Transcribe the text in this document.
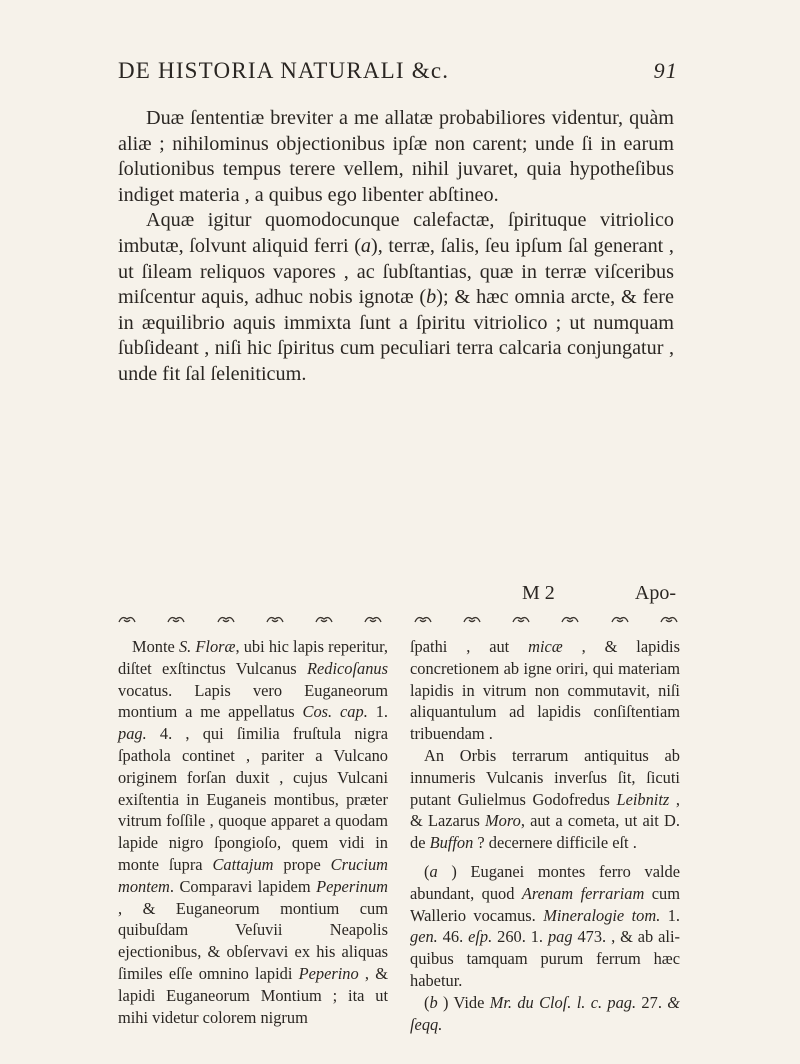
DE HISTORIA NATURALI &c.	91

Duæ ſententiæ breviter a me allatæ probabiliores videntur, quàm aliæ ; nihilominus objectionibus ipſæ non carent; unde ſi in earum ſolutionibus tempus terere vellem, nihil juvaret, quia hypotheſibus indiget materia , a quibus ego libenter abſtineo.

Aquæ igitur quomodocunque calefactæ, ſpirituque vitriolico imbutæ, ſolvunt aliquid ferri (a), terræ, ſalis, ſeu ipſum ſal generant , ut ſileam reliquos vapores , ac ſubſtantias, quæ in terræ viſceribus miſcentur aquis, adhuc nobis ignotæ (b); & hæc omnia arcte, & fere in æquilibrio aquis immixta ſunt a ſpiritu vitriolico ; ut numquam ſubſideant , niſi hic ſpiritus cum peculiari terra calcaria conjungatur , unde fit ſal ſeleniticum.

M 2	Apo-

Monte S. Floræ, ubi hic lapis reperitur, diſtet exſtinctus Vulcanus Redicoſanus vocatus. Lapis vero Euganeorum montium a me appellatus Cos. cap. 1. pag. 4. , qui ſimilia fruſtula nigra ſpathola continet , pariter a Vulcano originem forſan duxit , cujus Vulcani exiſtentia in Euganeis montibus, præter vitrum foſſile , quoque apparet a quodam lapide nigro ſpongioſo, quem vidi in monte ſupra Cattajum prope Crucium montem. Comparavi lapidem Peperinum , & Euganeorum montium cum quibuſdam Veſuvii Neapolis ejectionibus, & obſervavi ex his aliquas ſimiles eſſe omnino lapidi Peperino , & lapidi Euganeorum Montium ; ita ut mihi videtur colorem nigrum

ſpathi , aut micæ , & lapidis concretionem ab igne oriri, qui materiam lapidis in vitrum non commutavit, niſi aliquantulum ad lapidis conſiſtentiam tribuendam .

An Orbis terrarum antiquitus ab innumeris Vulcanis inverſus ſit, ſicuti putant Gulielmus Godofredus Leibnitz , & Lazarus Moro, aut a cometa, ut ait D. de Buffon ? decernere difficile eſt .

(a ) Euganei montes ferro valde abundant, quod Arenam ferrariam cum Wallerio vocamus. Mineralogie tom. 1. gen. 46. eſp. 260. 1. pag 473. , & ab aliquibus tamquam purum ferrum hæc habetur.

(b ) Vide Mr. du Cloſ. l. c. pag. 27. & ſeqq.
